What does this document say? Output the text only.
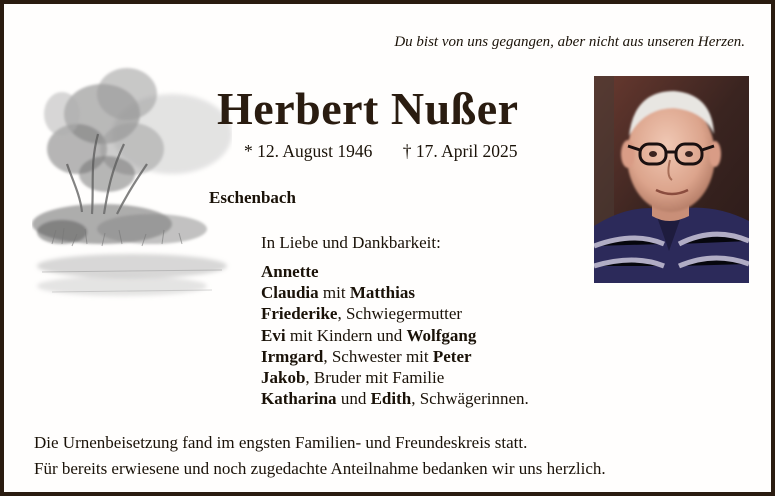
Du bist von uns gegangen, aber nicht aus unseren Herzen.
Herbert Nußer
* 12. August 1946 † 17. April 2025
Eschenbach
In Liebe und Dankbarkeit:
Annette
Claudia mit Matthias
Friederike, Schwiegermutter
Evi mit Kindern und Wolfgang
Irmgard, Schwester mit Peter
Jakob, Bruder mit Familie
Katharina und Edith, Schwägerinnen.
Die Urnenbeisetzung fand im engsten Familien- und Freundeskreis statt.
Für bereits erwiesene und noch zugedachte Anteilnahme bedanken wir uns herzlich.
